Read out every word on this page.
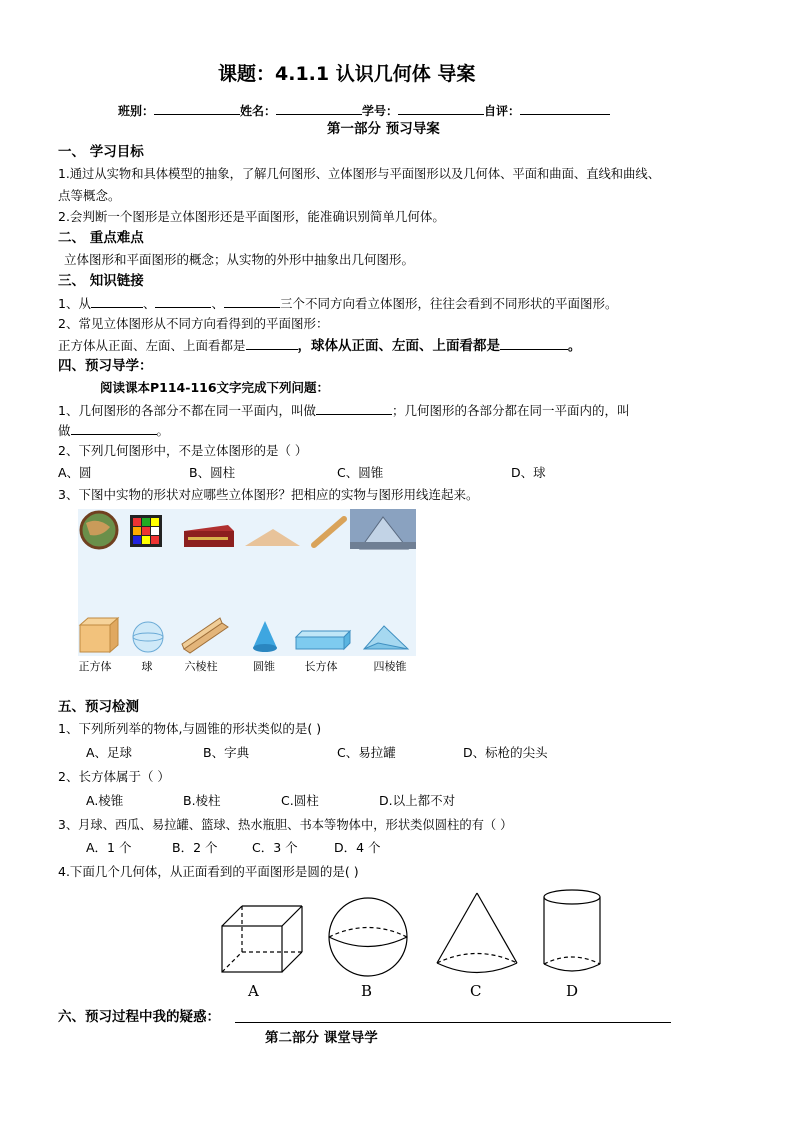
课题：4.1.1 认识几何体 导案
班别：	姓名：	学号：	自评：
第一部分 预习导案
一、 学习目标
1.通过从实物和具体模型的抽象，了解几何图形、立体图形与平面图形以及几何体、平面和曲面、直线和曲线、
点等概念。
2.会判断一个图形是立体图形还是平面图形，能准确识别简单几何体。
二、 重点难点
立体图形和平面图形的概念；从实物的外形中抽象出几何图形。
三、 知识链接
1、从	、	、	三个不同方向看立体图形，往往会看到不同形状的平面图形。
2、常见立体图形从不同方向看得到的平面图形：
正方体从正面、左面、上面看都是	，球体从正面、左面、上面看都是	。
四、预习导学：
阅读课本P114-116文字完成下列问题：
1、几何图形的各部分不都在同一平面内，叫做	；几何图形的各部分都在同一平面内的，叫
做	。
2、下列几何图形中，不是立体图形的是（ ）
A、圆	B、圆柱	C、圆锥	D、球
3、下图中实物的形状对应哪些立体图形？把相应的实物与图形用线连起来。
正方体	球	六棱柱	圆锥	长方体	四棱锥
五、预习检测
1、下列所列举的物体,与圆锥的形状类似的是( )
A、足球	B、字典	C、易拉罐	D、标枪的尖头
2、长方体属于（ ）
A.棱锥	B.棱柱	C.圆柱	D.以上都不对
3、月球、西瓜、易拉罐、篮球、热水瓶胆、书本等物体中，形状类似圆柱的有（ ）
A．1 个	B．2 个	C．3 个	D．4 个
4.下面几个几何体，从正面看到的平面图形是圆的是( )
A	B	C	D
六、预习过程中我的疑惑：
第二部分 课堂导学
